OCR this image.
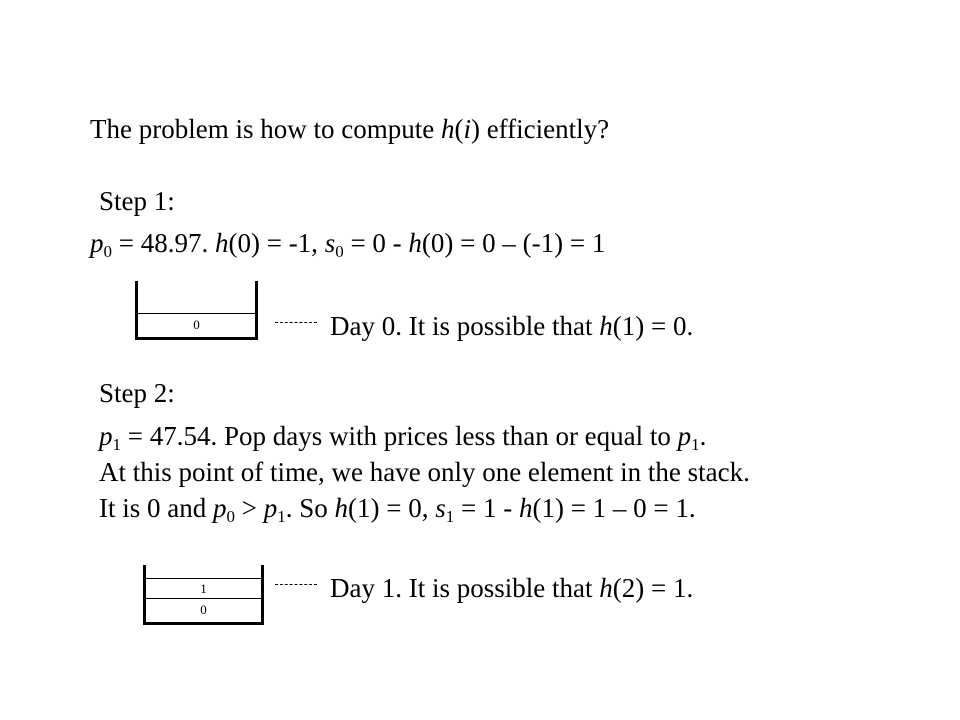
The problem is how to compute h(i) efficiently?
Step 1:
$p_0 = 48.97$. h(0) = -1, $s_0 = 0 - h(0) = 0 - (-1) = 1$
0	Day 0. It is possible that h(1) = 0.
Step 2:
$p_1 = 47.54$. Pop days with prices less than or equal to $p_1$.
At this point of time, we have only one element in the stack.
It is 0 and $p_0 > p_1$. So h(1) = 0, $s_1 = 1 - h(1) = 1 - 0 = 1$.
1
0
Day 1. It is possible that h(2) = 1.
